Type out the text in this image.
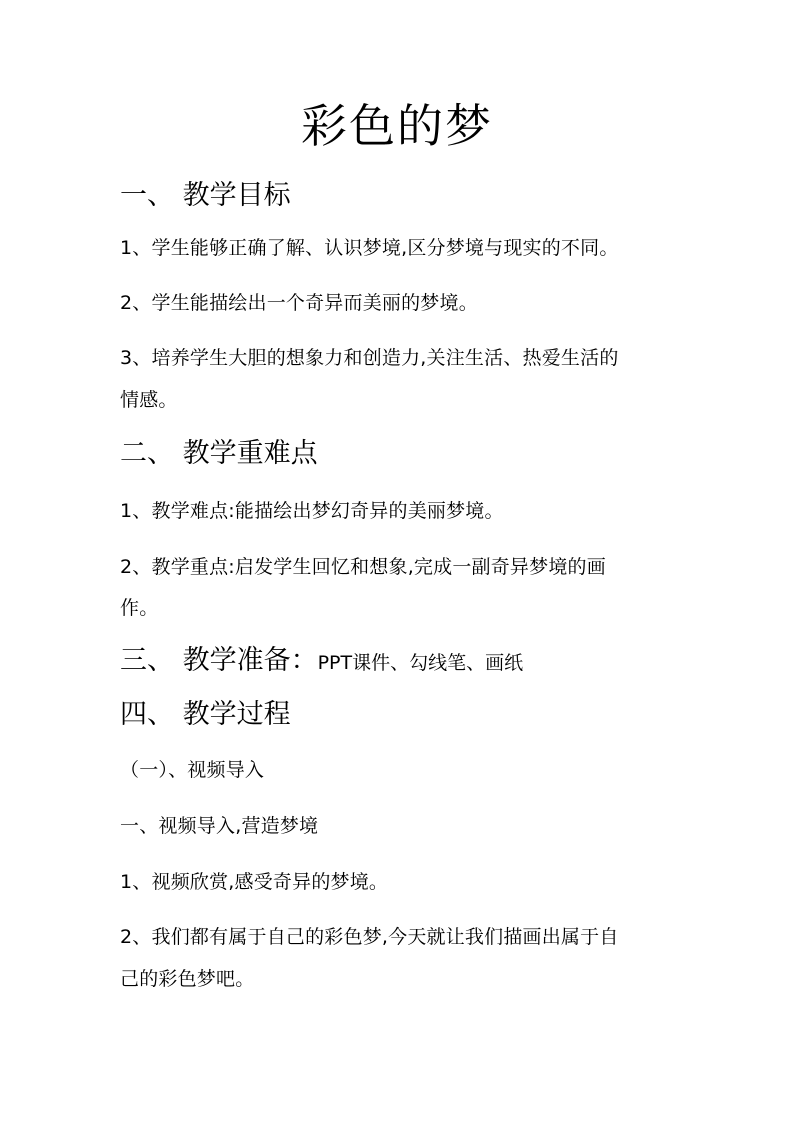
彩色的梦
一、 教学目标
1、学生能够正确了解、认识梦境,区分梦境与现实的不同。
2、学生能描绘出一个奇异而美丽的梦境。
3、培养学生大胆的想象力和创造力,关注生活、热爱生活的
情感。
二、 教学重难点
1、教学难点:能描绘出梦幻奇异的美丽梦境。
2、教学重点:启发学生回忆和想象,完成一副奇异梦境的画
作。
三、 教学准备：PPT课件、勾线笔、画纸
四、 教学过程
（一）、视频导入
一、视频导入,营造梦境
1、视频欣赏,感受奇异的梦境。
2、我们都有属于自己的彩色梦,今天就让我们描画出属于自
己的彩色梦吧。
